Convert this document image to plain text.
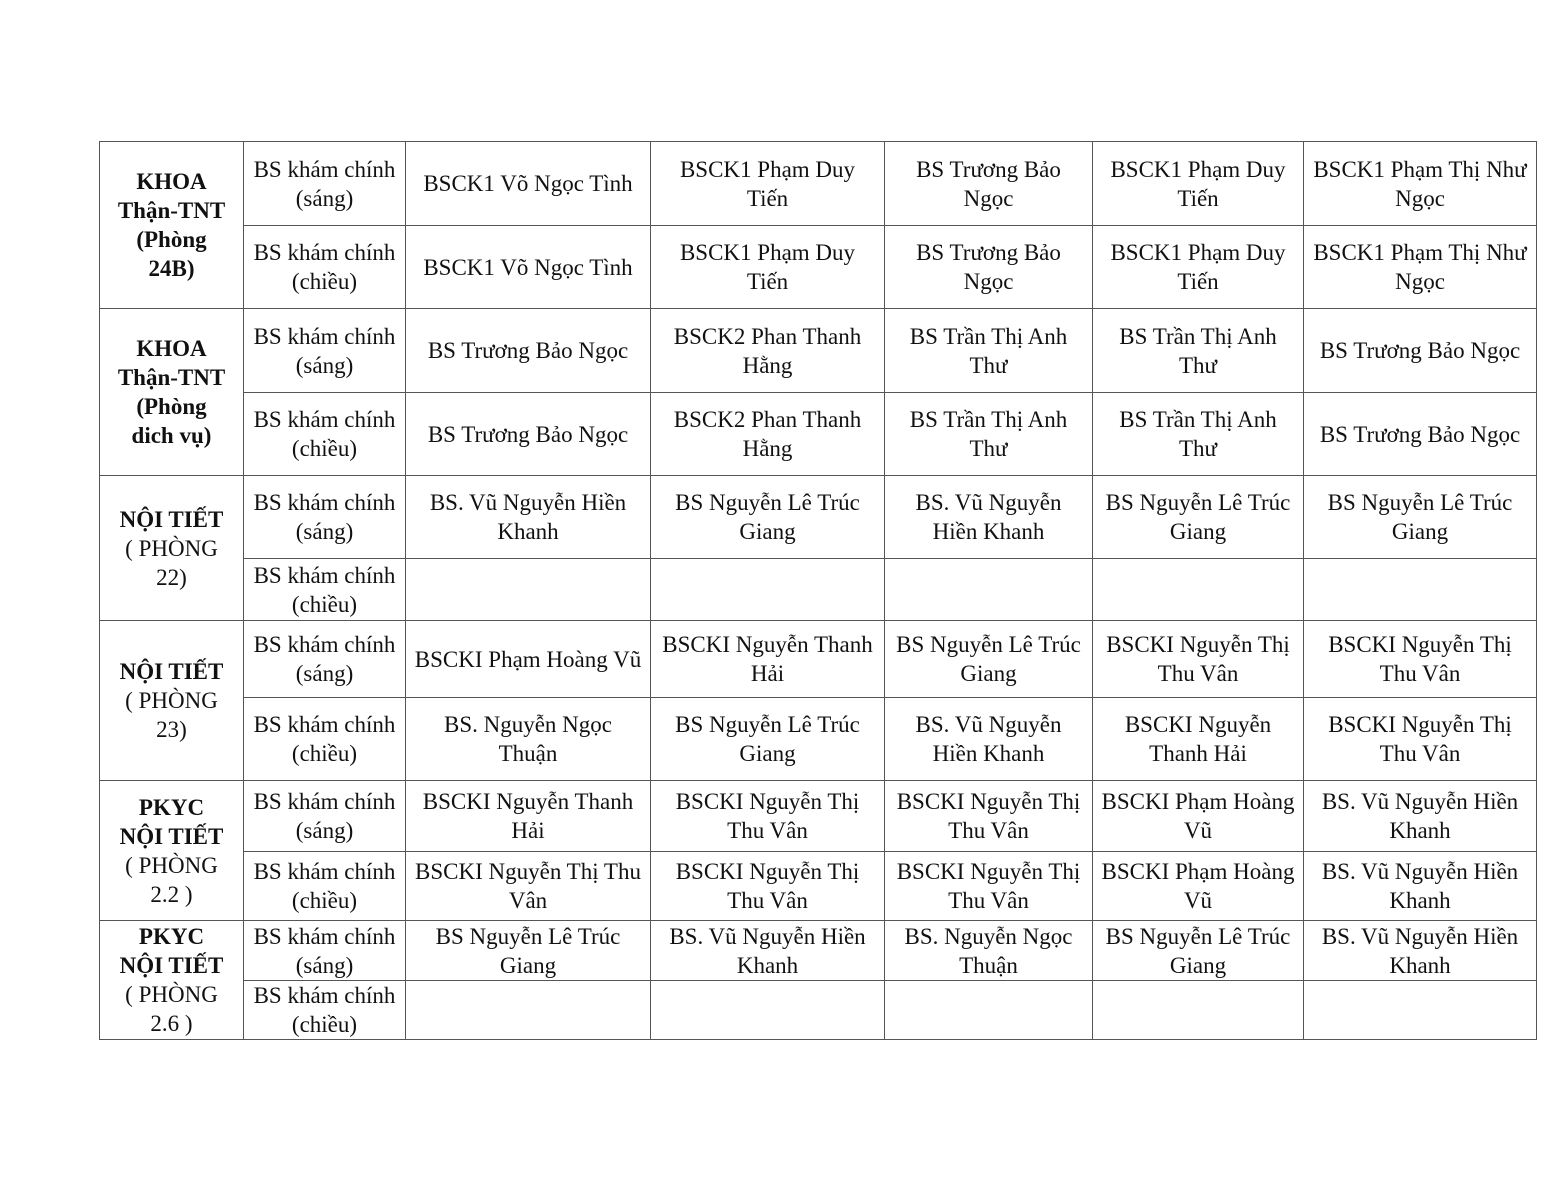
KHOA
Thận-TNT
(Phòng
24B)	BS khám chính (sáng)	BSCK1 Võ Ngọc Tình	BSCK1 Phạm Duy Tiến	BS Trương Bảo Ngọc	BSCK1 Phạm Duy Tiến	BSCK1 Phạm Thị Như Ngọc
	BS khám chính (chiều)	BSCK1 Võ Ngọc Tình	BSCK1 Phạm Duy Tiến	BS Trương Bảo Ngọc	BSCK1 Phạm Duy Tiến	BSCK1 Phạm Thị Như Ngọc

KHOA
Thận-TNT
(Phòng
dich vụ)	BS khám chính (sáng)	BS Trương Bảo Ngọc	BSCK2 Phan Thanh Hằng	BS Trần Thị Anh Thư	BS Trần Thị Anh Thư	BS Trương Bảo Ngọc
	BS khám chính (chiều)	BS Trương Bảo Ngọc	BSCK2 Phan Thanh Hằng	BS Trần Thị Anh Thư	BS Trần Thị Anh Thư	BS Trương Bảo Ngọc

NỘI TIẾT
( PHÒNG
22)	BS khám chính (sáng)	BS. Vũ Nguyễn Hiền Khanh	BS Nguyễn Lê Trúc Giang	BS. Vũ Nguyễn Hiền Khanh	BS Nguyễn Lê Trúc Giang	BS Nguyễn Lê Trúc Giang
	BS khám chính (chiều)					

NỘI TIẾT
( PHÒNG
23)	BS khám chính (sáng)	BSCKI Phạm Hoàng Vũ	BSCKI Nguyễn Thanh Hải	BS Nguyễn Lê Trúc Giang	BSCKI Nguyễn Thị Thu Vân	BSCKI Nguyễn Thị Thu Vân
	BS khám chính (chiều)	BS. Nguyễn Ngọc Thuận	BS Nguyễn Lê Trúc Giang	BS. Vũ Nguyễn Hiền Khanh	BSCKI Nguyễn Thanh Hải	BSCKI Nguyễn Thị Thu Vân

PKYC
NỘI TIẾT
( PHÒNG
2.2 )	BS khám chính (sáng)	BSCKI Nguyễn Thanh Hải	BSCKI Nguyễn Thị Thu Vân	BSCKI Nguyễn Thị Thu Vân	BSCKI Phạm Hoàng Vũ	BS. Vũ Nguyễn Hiền Khanh
	BS khám chính (chiều)	BSCKI Nguyễn Thị Thu Vân	BSCKI Nguyễn Thị Thu Vân	BSCKI Nguyễn Thị Thu Vân	BSCKI Phạm Hoàng Vũ	BS. Vũ Nguyễn Hiền Khanh

PKYC
NỘI TIẾT
( PHÒNG
2.6 )	BS khám chính (sáng)	BS Nguyễn Lê Trúc Giang	BS. Vũ Nguyễn Hiền Khanh	BS. Nguyễn Ngọc Thuận	BS Nguyễn Lê Trúc Giang	BS. Vũ Nguyễn Hiền Khanh
	BS khám chính (chiều)					
